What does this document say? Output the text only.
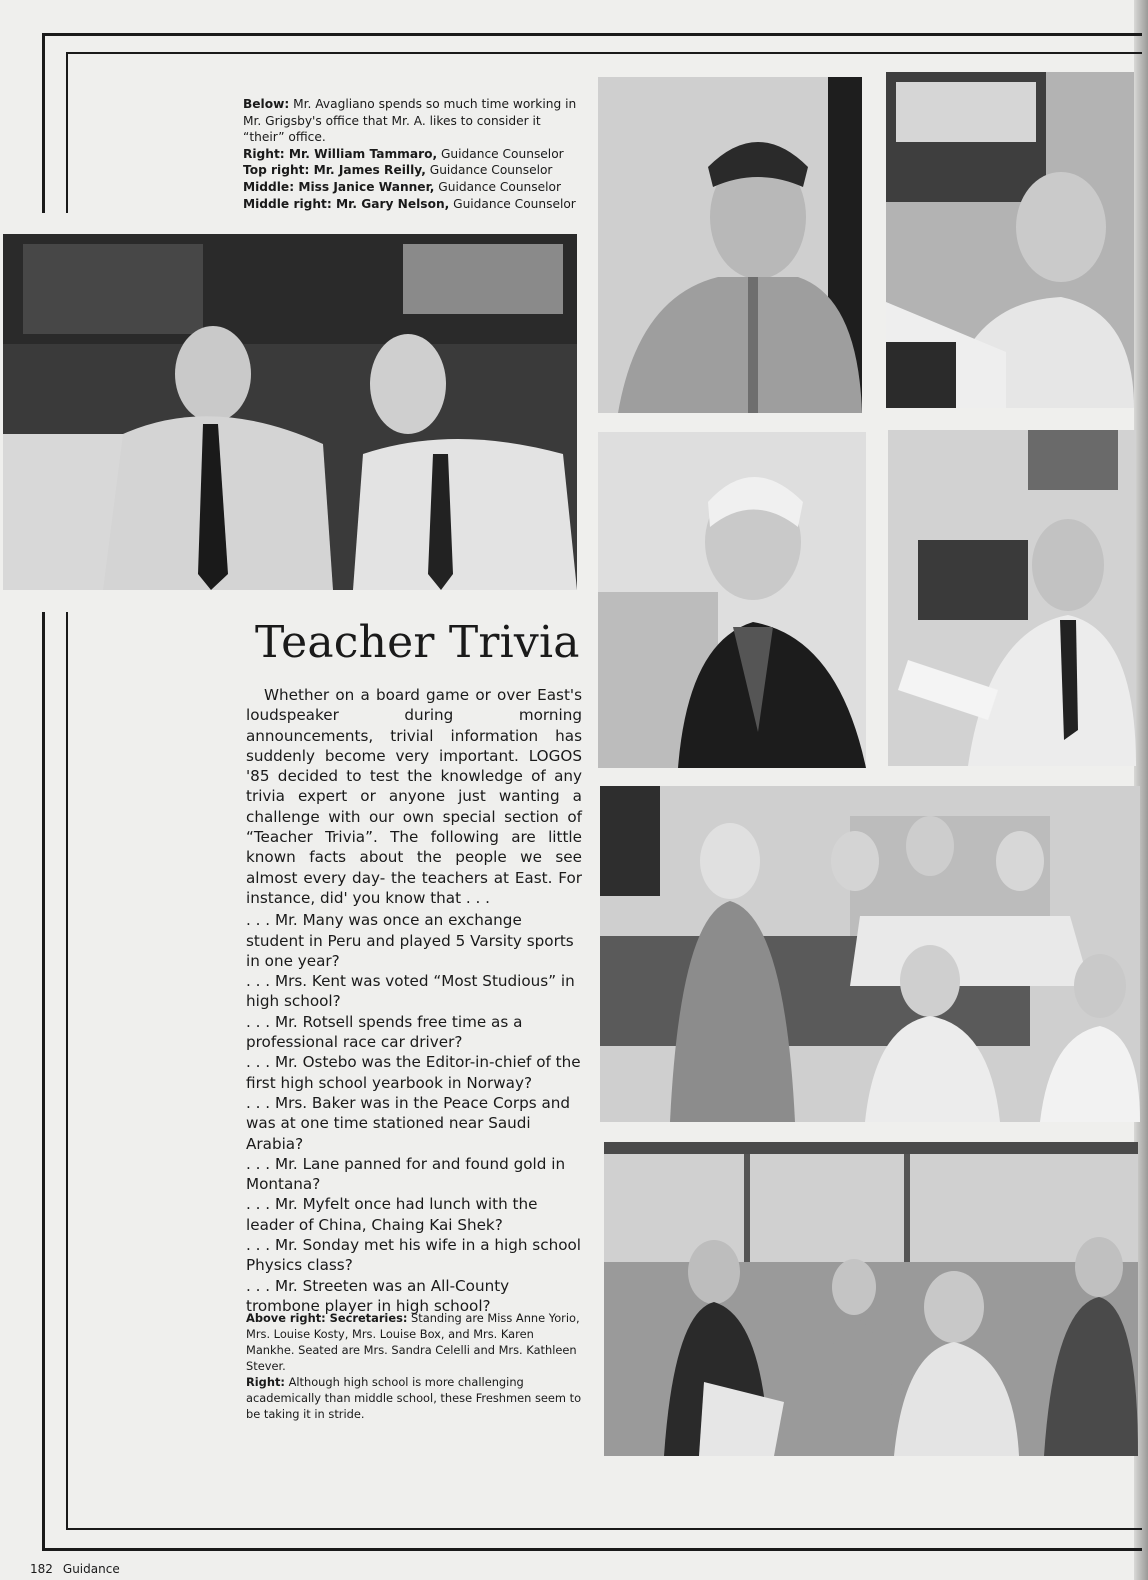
Below: Mr. Avagliano spends so much time working in Mr. Grigsby's office that Mr. A. likes to consider it “their” office.

Right: Mr. William Tammaro, Guidance Counselor

Top right: Mr. James Reilly, Guidance Counselor

Middle: Miss Janice Wanner, Guidance Counselor

Middle right: Mr. Gary Nelson, Guidance Counselor

Teacher Trivia

Whether on a board game or over East's loudspeaker during morning announcements, trivial information has suddenly become very important. LOGOS '85 decided to test the knowledge of any trivia expert or anyone just wanting a challenge with our own special section of “Teacher Trivia”. The following are little known facts about the people we see almost every day- the teachers at East. For instance, did' you know that . . .

. . . Mr. Many was once an exchange student in Peru and played 5 Varsity sports in one year?
. . . Mrs. Kent was voted “Most Studious” in high school?
. . . Mr. Rotsell spends free time as a professional race car driver?
. . . Mr. Ostebo was the Editor-in-chief of the first high school yearbook in Norway?
. . . Mrs. Baker was in the Peace Corps and was at one time stationed near Saudi Arabia?
. . . Mr. Lane panned for and found gold in Montana?
. . . Mr. Myfelt once had lunch with the leader of China, Chaing Kai Shek?
. . . Mr. Sonday met his wife in a high school Physics class?
. . . Mr. Streeten was an All-County trombone player in high school?

Above right: Secretaries: Standing are Miss Anne Yorio, Mrs. Louise Kosty, Mrs. Louise Box, and Mrs. Karen Mankhe. Seated are Mrs. Sandra Celelli and Mrs. Kathleen Stever.

Right: Although high school is more challenging academically than middle school, these Freshmen seem to be taking it in stride.

182 Guidance
